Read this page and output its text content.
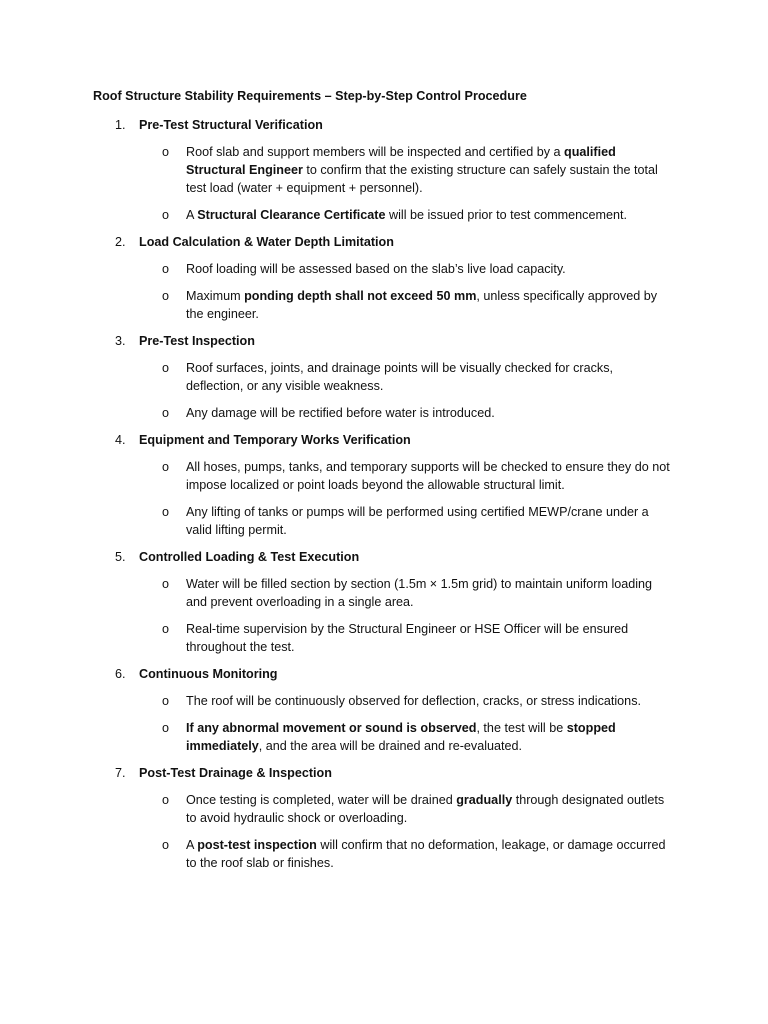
Roof Structure Stability Requirements – Step-by-Step Control Procedure
1. Pre-Test Structural Verification
o Roof slab and support members will be inspected and certified by a qualified Structural Engineer to confirm that the existing structure can safely sustain the total test load (water + equipment + personnel).
o A Structural Clearance Certificate will be issued prior to test commencement.
2. Load Calculation & Water Depth Limitation
o Roof loading will be assessed based on the slab’s live load capacity.
o Maximum ponding depth shall not exceed 50 mm, unless specifically approved by the engineer.
3. Pre-Test Inspection
o Roof surfaces, joints, and drainage points will be visually checked for cracks, deflection, or any visible weakness.
o Any damage will be rectified before water is introduced.
4. Equipment and Temporary Works Verification
o All hoses, pumps, tanks, and temporary supports will be checked to ensure they do not impose localized or point loads beyond the allowable structural limit.
o Any lifting of tanks or pumps will be performed using certified MEWP/crane under a valid lifting permit.
5. Controlled Loading & Test Execution
o Water will be filled section by section (1.5m × 1.5m grid) to maintain uniform loading and prevent overloading in a single area.
o Real-time supervision by the Structural Engineer or HSE Officer will be ensured throughout the test.
6. Continuous Monitoring
o The roof will be continuously observed for deflection, cracks, or stress indications.
o If any abnormal movement or sound is observed, the test will be stopped immediately, and the area will be drained and re-evaluated.
7. Post-Test Drainage & Inspection
o Once testing is completed, water will be drained gradually through designated outlets to avoid hydraulic shock or overloading.
o A post-test inspection will confirm that no deformation, leakage, or damage occurred to the roof slab or finishes.
